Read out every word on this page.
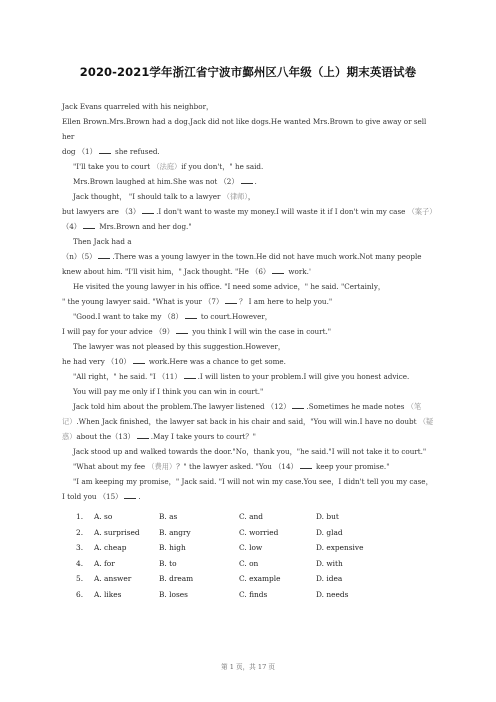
2020-2021学年浙江省宁波市鄞州区八年级（上）期末英语试卷

Jack Evans quarreled with his neighbor，

Ellen Brown.Mrs.Brown had a dog.Jack did not like dogs.He wanted Mrs.Brown to give away or sell her

dog （1） she refused.

"I'll take you to court （法庭）if you don't，" he said.

Mrs.Brown laughed at him.She was not （2） .

Jack thought， "I should talk to a lawyer （律师），

but lawyers are （3） .I don't want to waste my money.I will waste it if I don't win my case （案子）（4） Mrs.Brown and her dog."

Then Jack had a

（n）（5） .There was a young lawyer in the town.He did not have much work.Not many people

knew about him. "I'll visit him，" Jack thought. "He （6） work.'

He visited the young lawyer in his office. "I need some advice，" he said. "Certainly，

" the young lawyer said. "What is your （7） ？ I am here to help you."

"Good.I want to take my （8） to court.However，

I will pay for your advice （9） you think I will win the case in court."

The lawyer was not pleased by this suggestion.However，

he had very （10） work.Here was a chance to get some.

"All right，" he said. "I （11） .I will listen to your problem.I will give you honest advice.

You will pay me only if I think you can win in court."

Jack told him about the problem.The lawyer listened （12） .Sometimes he made notes （笔记）.When Jack finished，the lawyer sat back in his chair and said，"You will win.I have no doubt （疑惑）about the（13） .May I take yours to court？"

Jack stood up and walked towards the door."No，thank you，"he said."I will not take it to court."

"What about my fee （费用）？" the lawyer asked. "You （14） keep your promise."

"I am keeping my promise，" Jack said. "I will not win my case.You see，I didn't tell you my case，

I told you （15） .

1.	A. so	B. as	C. and	D. but
2.	A. surprised	B. angry	C. worried	D. glad
3.	A. cheap	B. high	C. low	D. expensive
4.	A. for	B. to	C. on	D. with
5.	A. answer	B. dream	C. example	D. idea
6.	A. likes	B. loses	C. finds	D. needs
第 1 页，共 17 页
